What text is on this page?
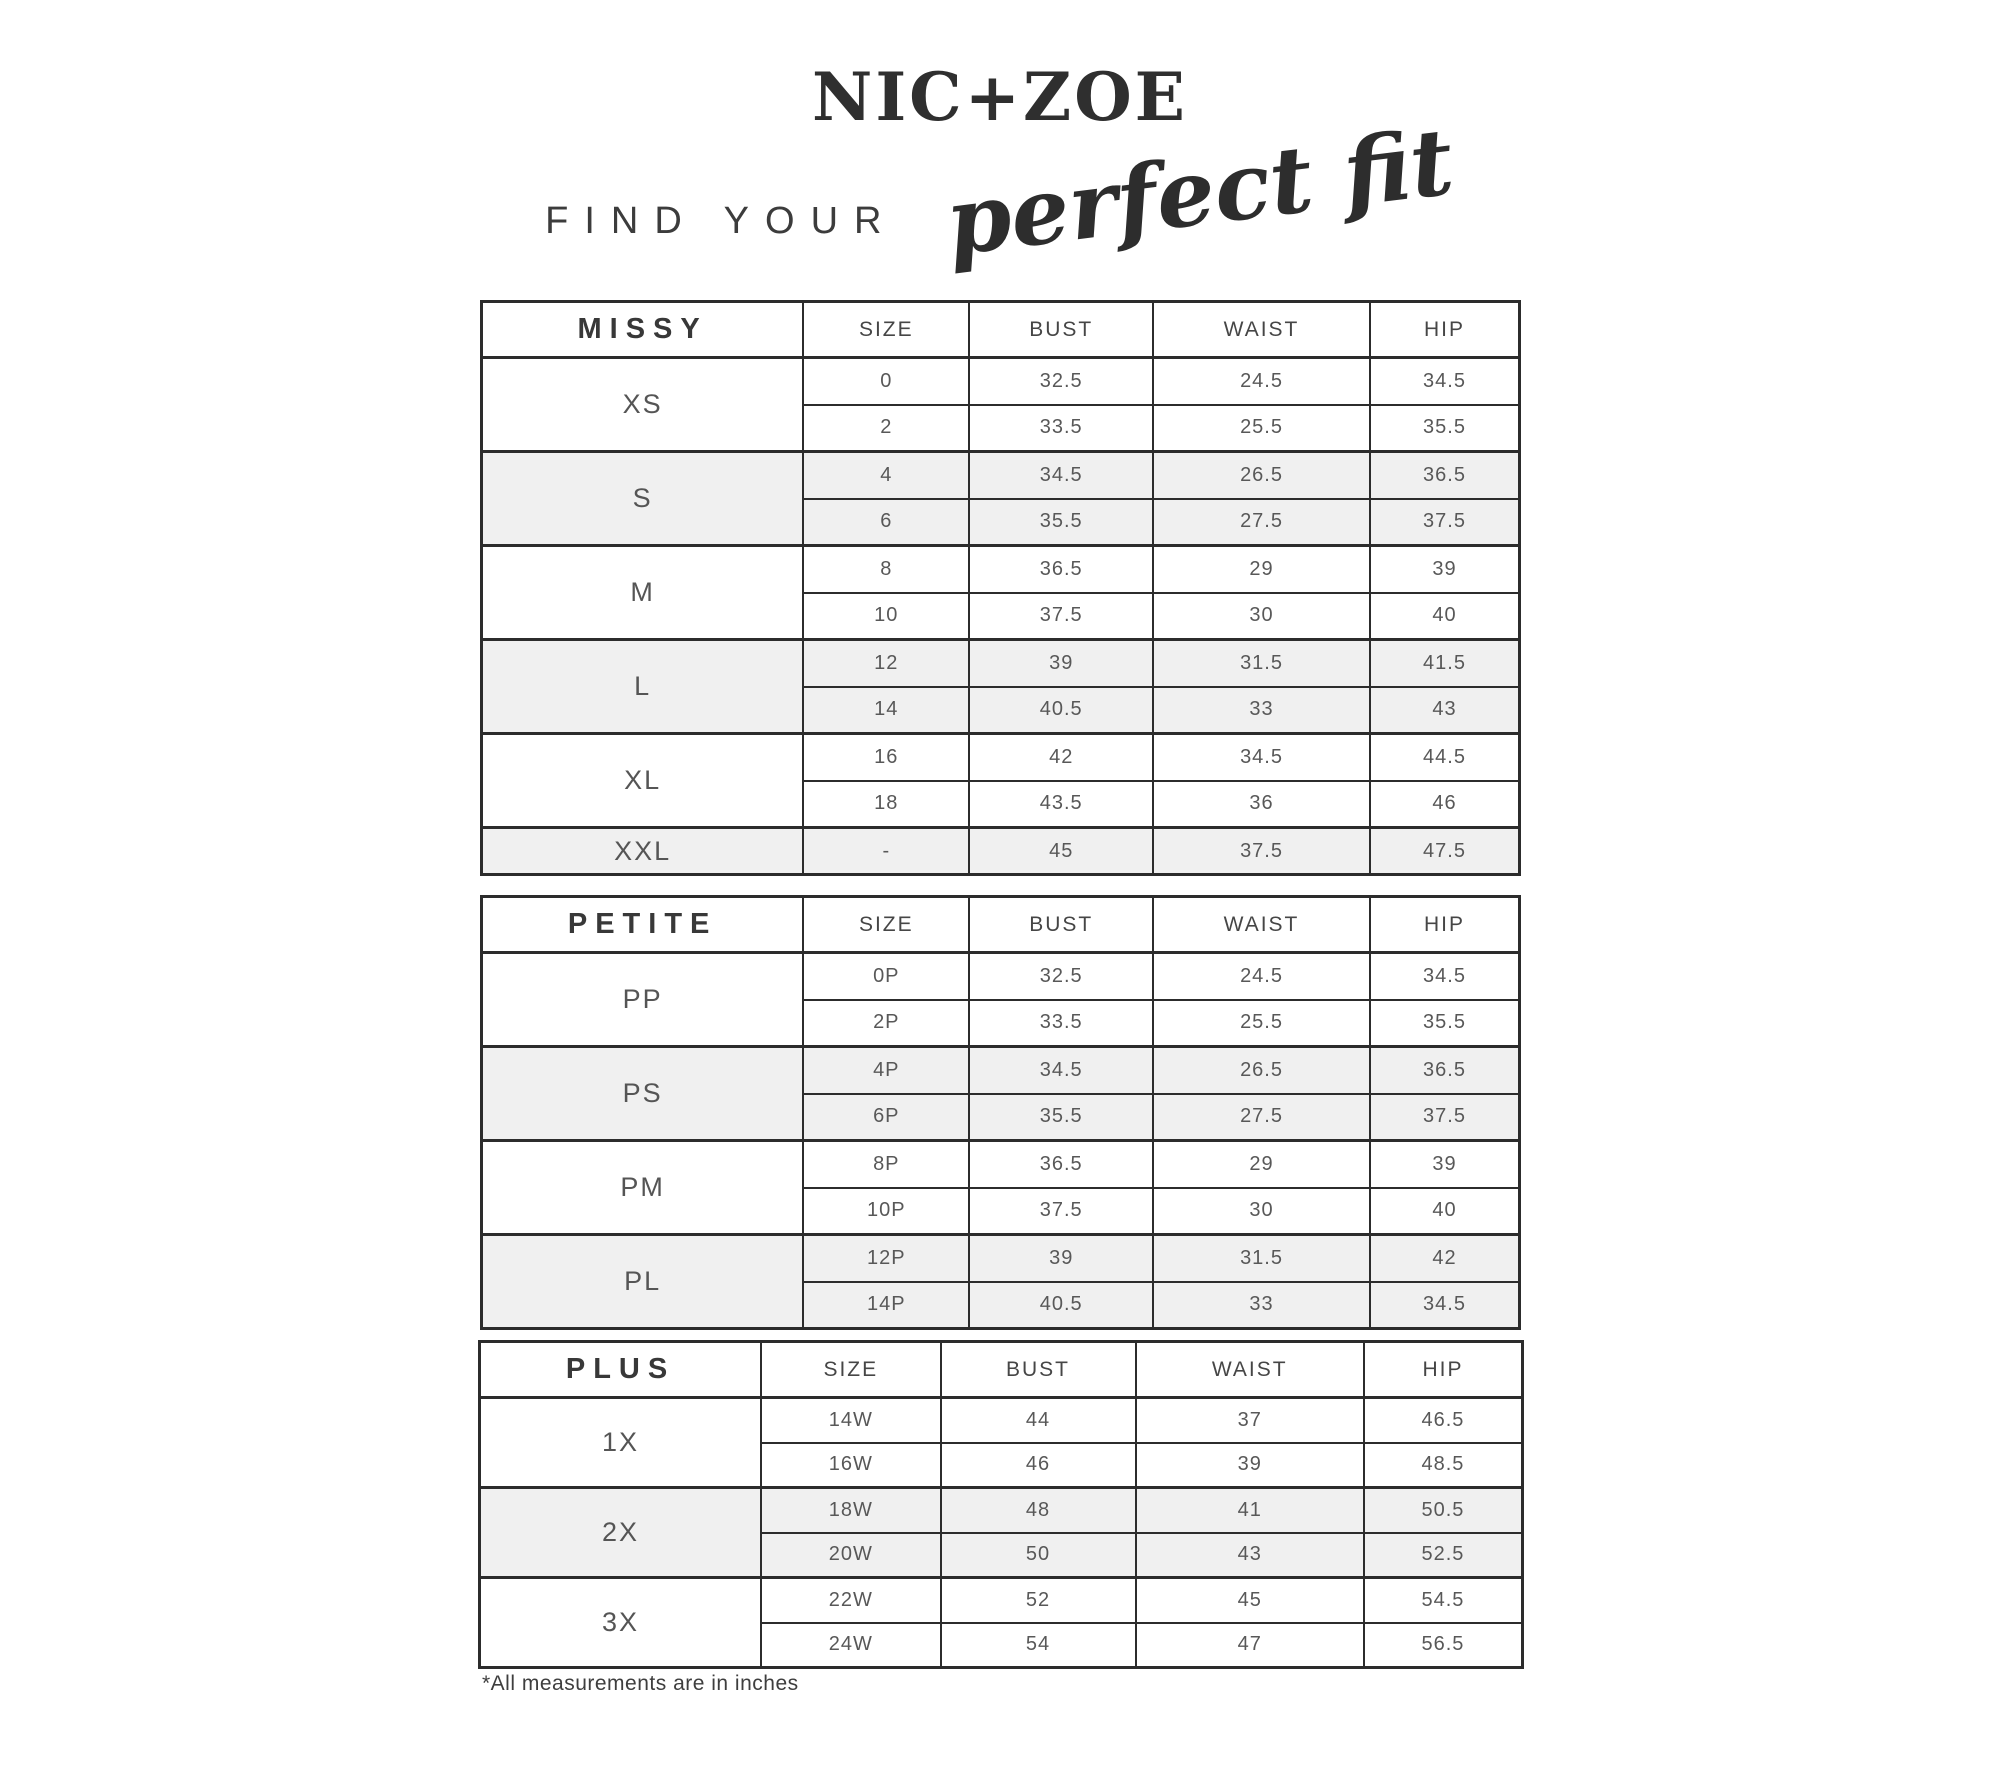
NIC+ZOE
FIND YOUR perfect fit
MISSY	SIZE	BUST	WAIST	HIP
XS	0	32.5	24.5	34.5
	2	33.5	25.5	35.5
S	4	34.5	26.5	36.5
	6	35.5	27.5	37.5
M	8	36.5	29	39
	10	37.5	30	40
L	12	39	31.5	41.5
	14	40.5	33	43
XL	16	42	34.5	44.5
	18	43.5	36	46
XXL	-	45	37.5	47.5
PETITE	SIZE	BUST	WAIST	HIP
PP	0P	32.5	24.5	34.5
	2P	33.5	25.5	35.5
PS	4P	34.5	26.5	36.5
	6P	35.5	27.5	37.5
PM	8P	36.5	29	39
	10P	37.5	30	40
PL	12P	39	31.5	42
	14P	40.5	33	34.5
PLUS	SIZE	BUST	WAIST	HIP
1X	14W	44	37	46.5
	16W	46	39	48.5
2X	18W	48	41	50.5
	20W	50	43	52.5
3X	22W	52	45	54.5
	24W	54	47	56.5
*All measurements are in inches
